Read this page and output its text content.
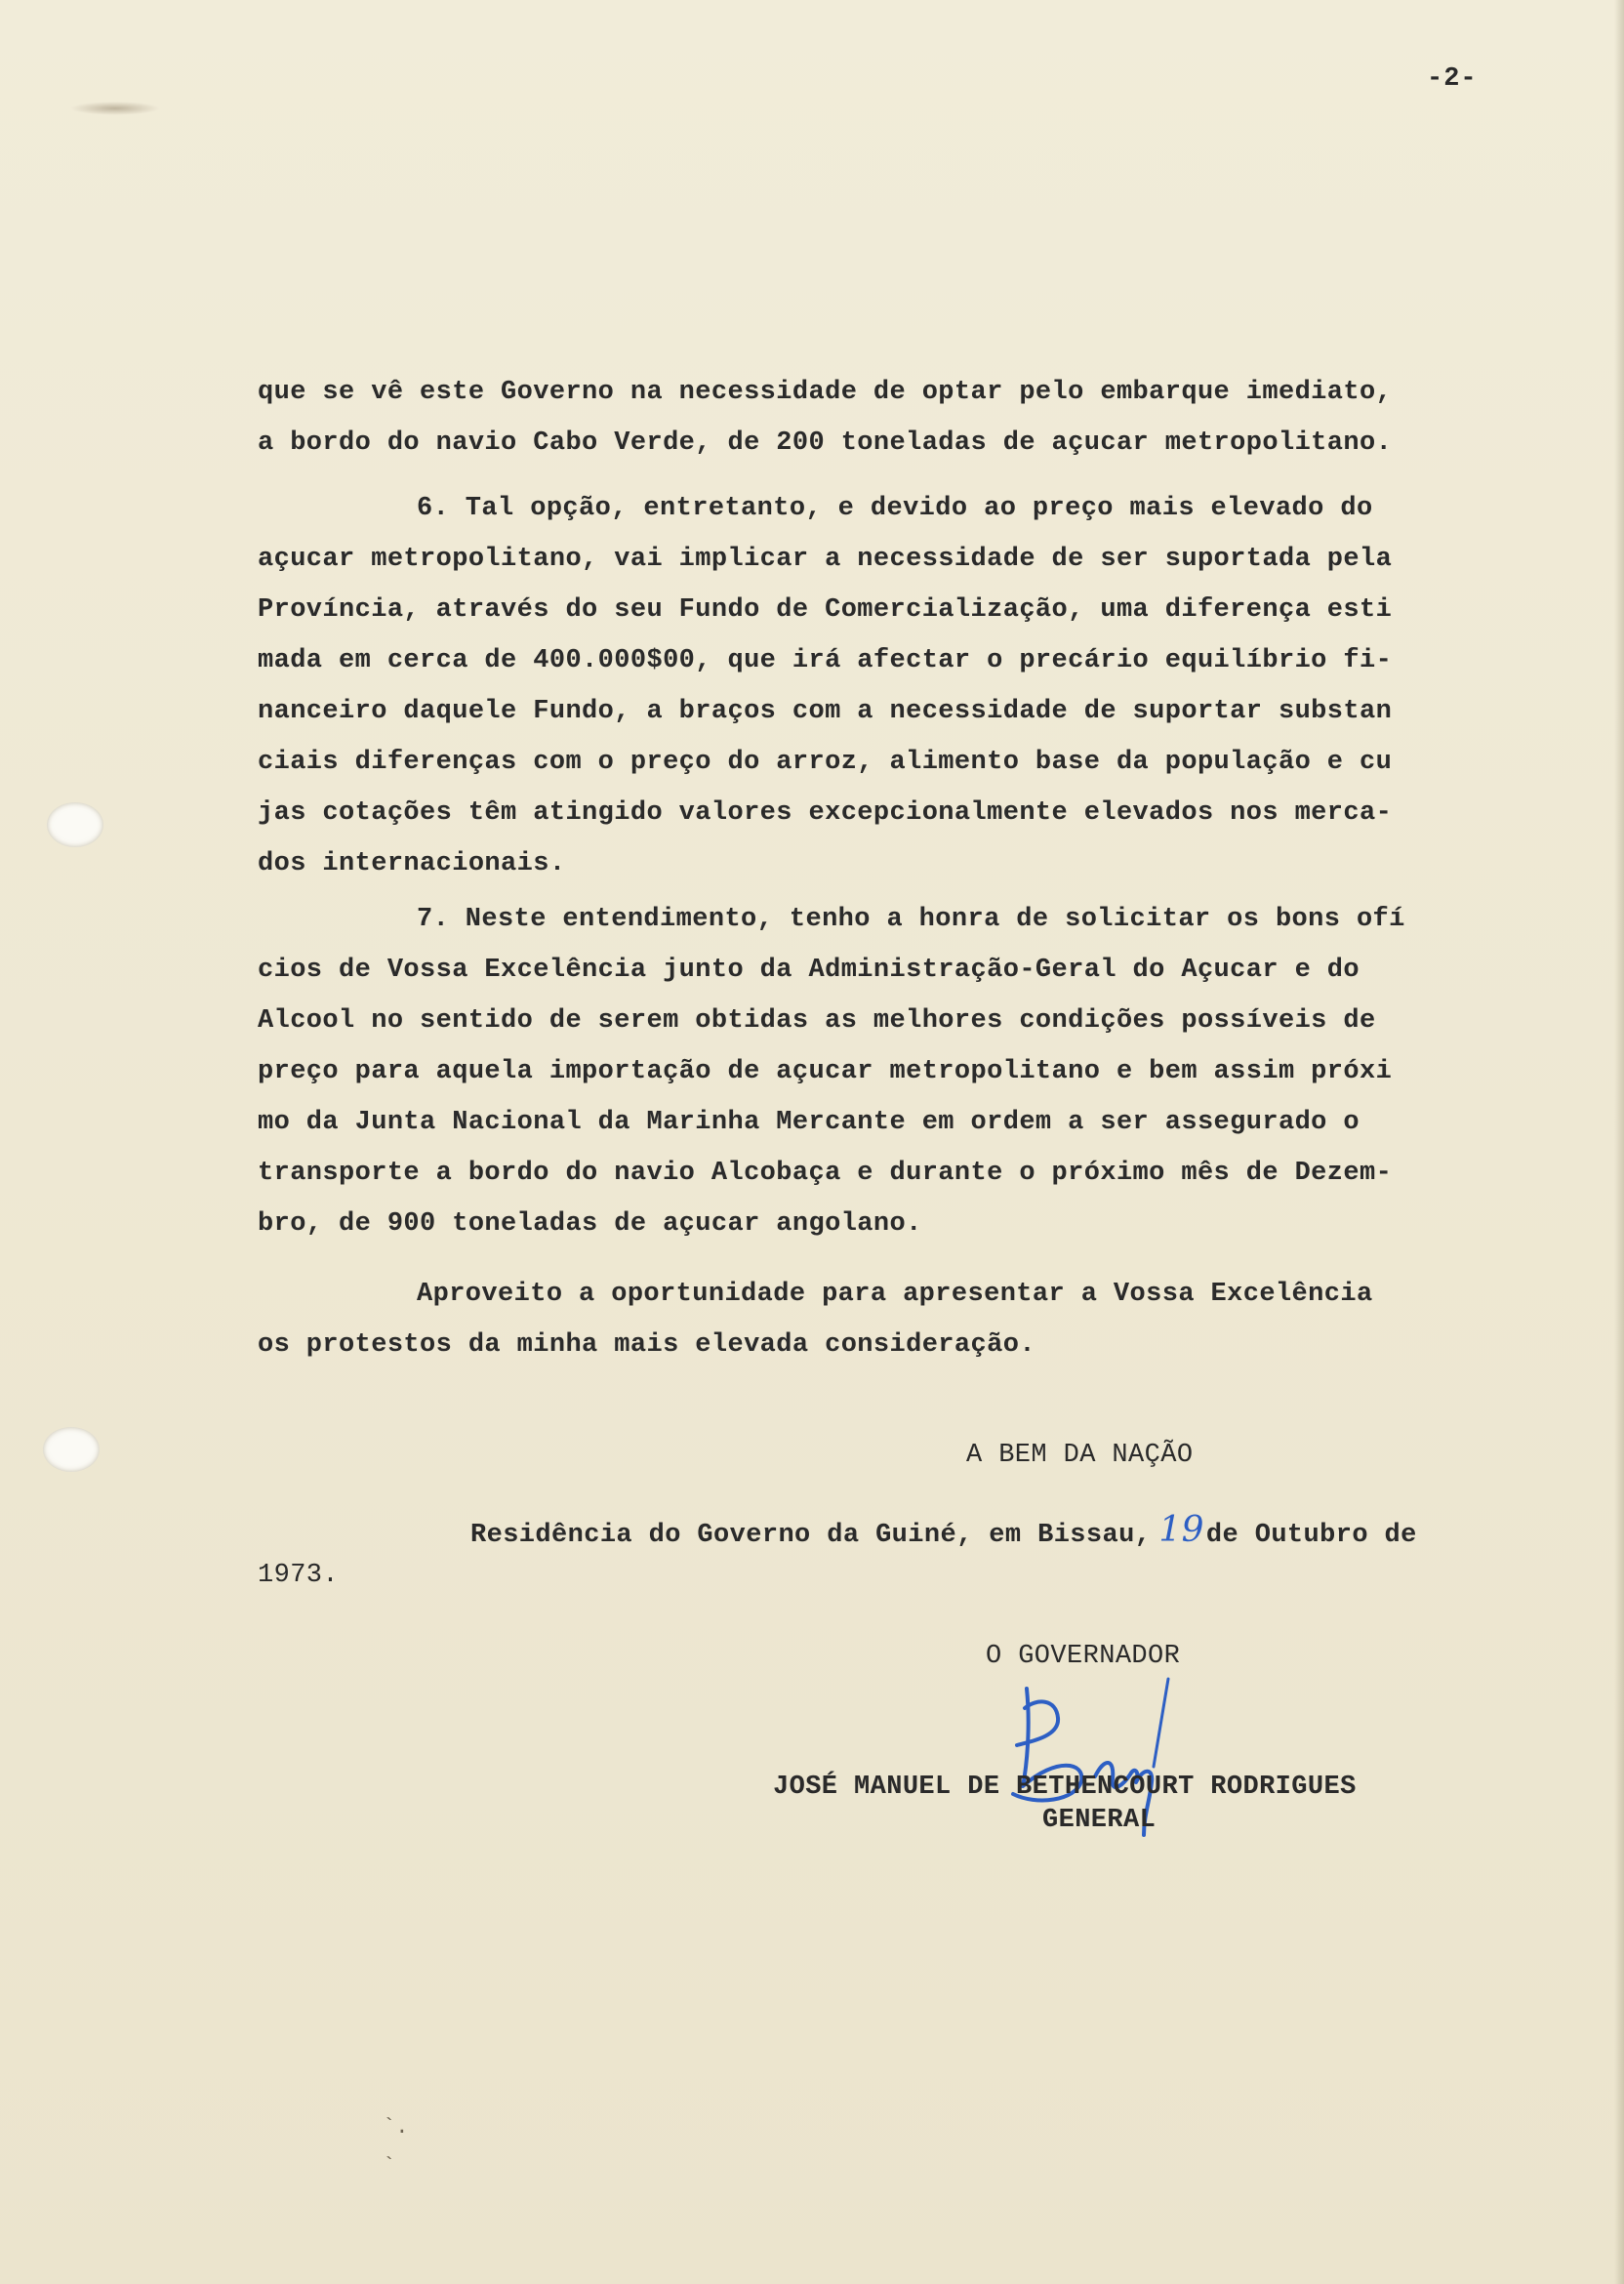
`.
`
-2-
que se vê este Governo na necessidade de optar pelo embarque imediato,
a bordo do navio Cabo Verde, de 200 toneladas de açucar metropolitano.
6. Tal opção, entretanto, e devido ao preço mais elevado do
açucar metropolitano, vai implicar a necessidade de ser suportada pela
Província, através do seu Fundo de Comercialização, uma diferença esti
mada em cerca de 400.000$00, que irá afectar o precário equilíbrio fi-
nanceiro daquele Fundo, a braços com a necessidade de suportar substan
ciais diferenças com o preço do arroz, alimento base da população e cu
jas cotações têm atingido valores excepcionalmente elevados nos merca-
dos internacionais.
7. Neste entendimento, tenho a honra de solicitar os bons ofí
cios de Vossa Excelência junto da Administração-Geral do Açucar e do
Alcool no sentido de serem obtidas as melhores condições possíveis de
preço para aquela importação de açucar metropolitano e bem assim próxi
mo da Junta Nacional da Marinha Mercante em ordem a ser assegurado o
transporte a bordo do navio Alcobaça e durante o próximo mês de Dezem-
bro, de 900 toneladas de açucar angolano.
Aproveito a oportunidade para apresentar a Vossa Excelência
os protestos da minha mais elevada consideração.
A BEM DA NAÇÃO
Residência do Governo da Guiné, em Bissau, 19de Outubro de
1973.
O GOVERNADOR
JOSÉ MANUEL DE BETHENCOURT RODRIGUES
GENERAL
